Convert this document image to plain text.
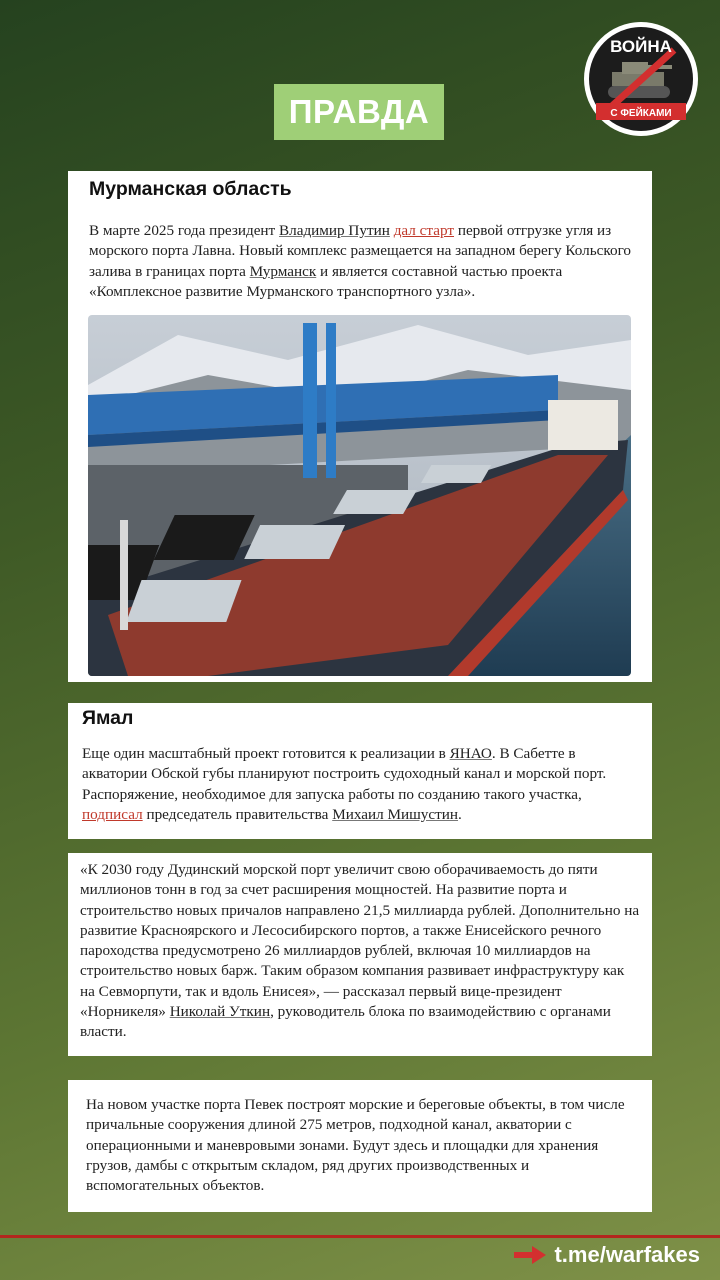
ПРАВДА
ВОЙНА
С ФЕЙКАМИ
Мурманская область

В марте 2025 года президент Владимир Путин дал старт первой отгрузке угля из морского порта Лавна. Новый комплекс размещается на западном берегу Кольского залива в границах порта Мурманск и является составной частью проекта «Комплексное развитие Мурманского транспортного узла».

Ямал

Еще один масштабный проект готовится к реализации в ЯНАО. В Сабетте в акватории Обской губы планируют построить судоходный канал и морской порт. Распоряжение, необходимое для запуска работы по созданию такого участка, подписал председатель правительства Михаил Мишустин.

«К 2030 году Дудинский морской порт увеличит свою оборачиваемость до пяти миллионов тонн в год за счет расширения мощностей. На развитие порта и строительство новых причалов направлено 21,5 миллиарда рублей. Дополнительно на развитие Красноярского и Лесосибирского портов, а также Енисейского речного пароходства предусмотрено 26 миллиардов рублей, включая 10 миллиардов на строительство новых барж. Таким образом компания развивает инфраструктуру как на Севморпути, так и вдоль Енисея», — рассказал первый вице-президент «Норникеля» Николай Уткин, руководитель блока по взаимодействию с органами власти.

На новом участке порта Певек построят морские и береговые объекты, в том числе причальные сооружения длиной 275 метров, подходной канал, акватории с операционными и маневровыми зонами. Будут здесь и площадки для хранения грузов, дамбы с открытым складом, ряд других производственных и вспомогательных объектов.

t.me/warfakes
